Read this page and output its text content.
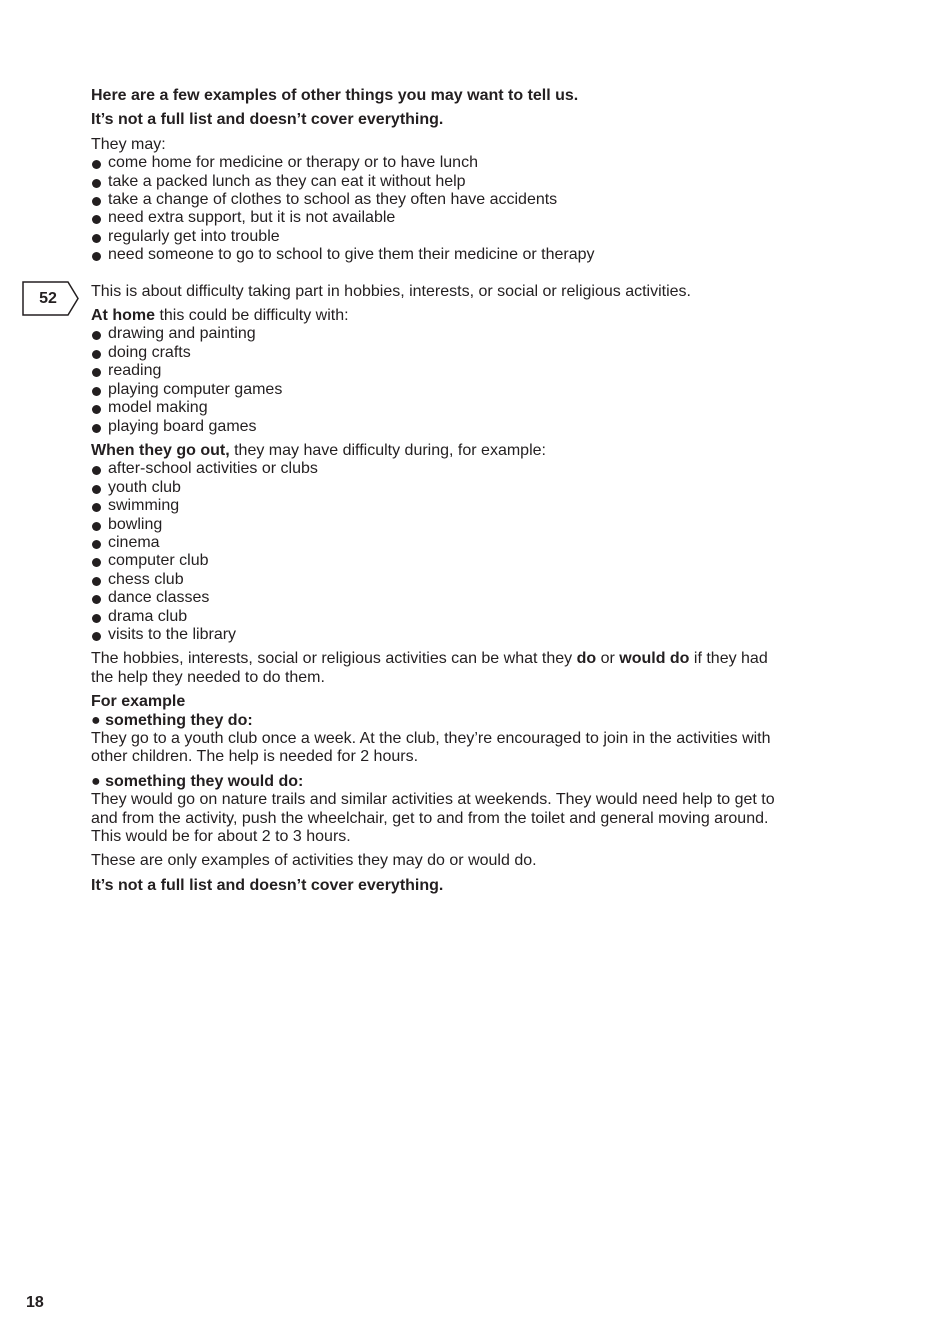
52

Here are a few examples of other things you may want to tell us.

It’s not a full list and doesn’t cover everything.

They may:

come home for medicine or therapy or to have lunch
take a packed lunch as they can eat it without help
take a change of clothes to school as they often have accidents
need extra support, but it is not available
regularly get into trouble
need someone to go to school to give them their medicine or therapy

This is about difficulty taking part in hobbies, interests, or social or religious activities.

At home this could be difficulty with:

drawing and painting
doing crafts
reading
playing computer games
model making
playing board games

When they go out, they may have difficulty during, for example:

after-school activities or clubs
youth club
swimming
bowling
cinema
computer club
chess club
dance classes
drama club
visits to the library

The hobbies, interests, social or religious activities can be what they do or would do if they had the help they needed to do them.

For example

● something they do:

They go to a youth club once a week. At the club, they’re encouraged to join in the activities with other children. The help is needed for 2 hours.

● something they would do:

They would go on nature trails and similar activities at weekends. They would need help to get to and from the activity, push the wheelchair, get to and from the toilet and general moving around. This would be for about 2 to 3 hours.

These are only examples of activities they may do or would do.

It’s not a full list and doesn’t cover everything.

18
